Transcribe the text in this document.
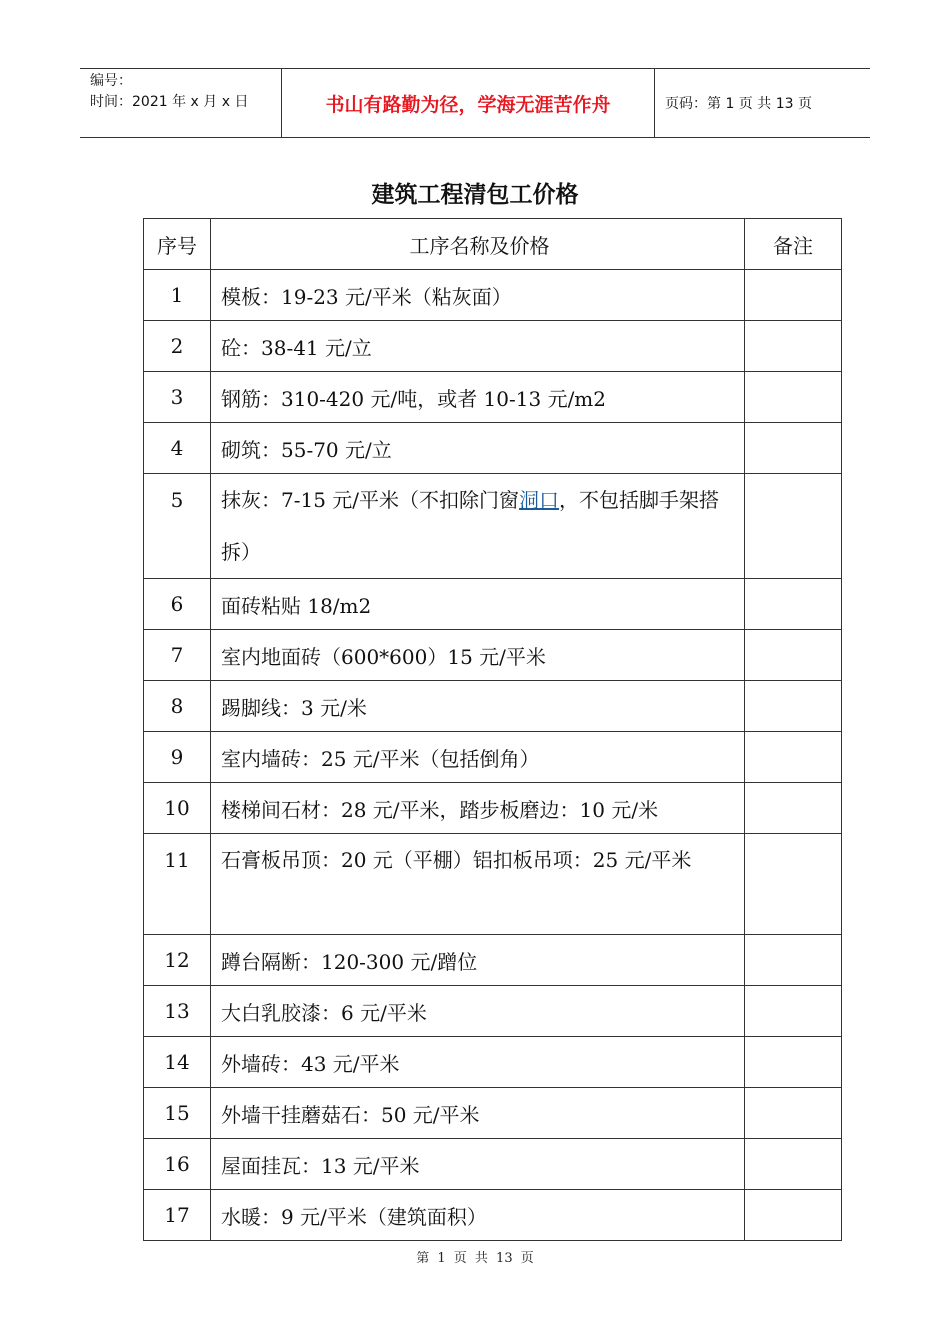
编号：
时间：2021 年 x 月 x 日	书山有路勤为径，学海无涯苦作舟	页码：第 1 页 共 13 页
建筑工程清包工价格
序号	工序名称及价格	备注
1	模板：19-23 元/平米（粘灰面）	
2	砼：38-41 元/立	
3	钢筋：310-420 元/吨，或者 10-13 元/m2	
4	砌筑：55-70 元/立	
5	抹灰：7-15 元/平米（不扣除门窗洞口，不包括脚手架搭拆）	
6	面砖粘贴 18/m2	
7	室内地面砖（600*600）15 元/平米	
8	踢脚线：3 元/米	
9	室内墙砖：25 元/平米（包括倒角）	
10	楼梯间石材：28 元/平米，踏步板磨边：10 元/米	
11	石膏板吊顶：20 元（平棚）铝扣板吊项：25 元/平米	
12	蹲台隔断：120-300 元/蹭位	
13	大白乳胶漆：6 元/平米	
14	外墙砖：43 元/平米	
15	外墙干挂蘑菇石：50 元/平米	
16	屋面挂瓦：13 元/平米	
17	水暖：9 元/平米（建筑面积）	
第 1 页 共 13 页
